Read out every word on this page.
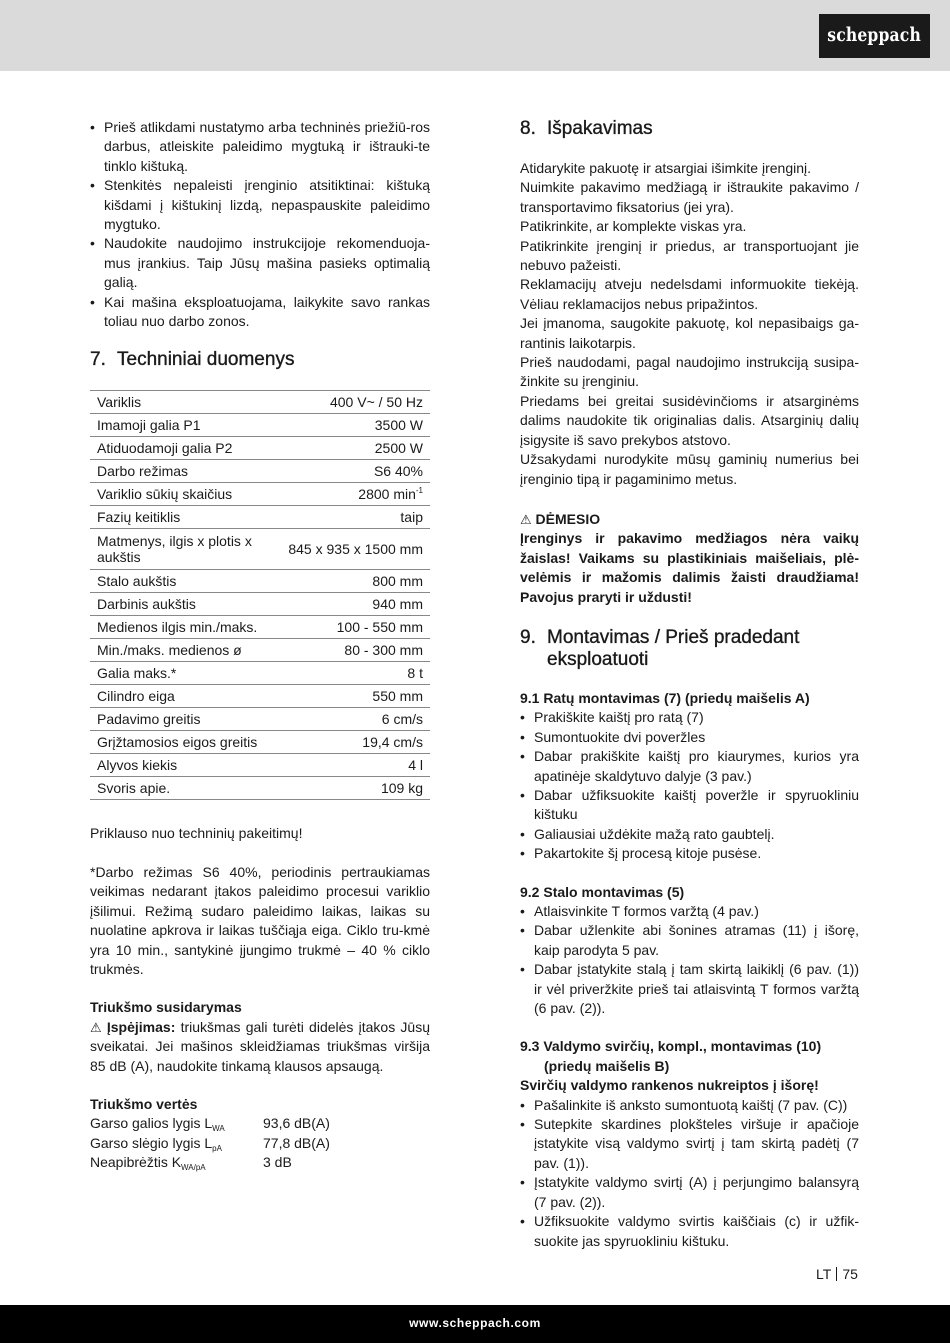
scheppach
• Prieš atlikdami nustatymo arba techninės priežiū-ros darbus, atleiskite paleidimo mygtuką ir ištrauki-te tinklo kištuką.
• Stenkitės nepaleisti įrenginio atsitiktinai: kištuką kišdami į kištukinį lizdą, nepaspauskite paleidimo mygtuko.
• Naudokite naudojimo instrukcijoje rekomenduoja-mus įrankius. Taip Jūsų mašina pasieks optimalią galią.
• Kai mašina eksploatuojama, laikykite savo rankas toliau nuo darbo zonos.
7. Techniniai duomenys
Variklis	400 V~ / 50 Hz
Imamoji galia P1	3500 W
Atiduodamoji galia P2	2500 W
Darbo režimas	S6 40%
Variklio sūkių skaičius	2800 $\min^{-1}$
Fazių keitiklis	taip
Matmenys, ilgis x plotis x aukštis	845 x 935 x 1500 mm
Stalo aukštis	800 mm
Darbinis aukštis	940 mm
Medienos ilgis min./maks.	100 - 550 mm
Min./maks. medienos ø	80 - 300 mm
Galia maks.*	8 t
Cilindro eiga	550 mm
Padavimo greitis	6 cm/s
Grįžtamosios eigos greitis	19,4 cm/s
Alyvos kiekis	4 l
Svoris apie.	109 kg

Priklauso nuo techninių pakeitimų!

*Darbo režimas S6 40%, periodinis pertraukiamas veikimas nedarant įtakos paleidimo procesui variklio įšilimui. Režimą sudaro paleidimo laikas, laikas su nuolatine apkrova ir laikas tuščiąja eiga. Ciklo tru-kmė yra 10 min., santykinė įjungimo trukmė – 40 % ciklo trukmės.

Triukšmo susidarymas

⚠ Įspėjimas: triukšmas gali turėti didelės įtakos Jūsų sveikatai. Jei mašinos skleidžiamas triukšmas viršija 85 dB (A), naudokite tinkamą klausos apsaugą.

Triukšmo vertės

Garso galios lygis $L_{WA}$	93,6 dB(A)
Garso slėgio lygis $L_{pA}$	77,8 dB(A)
Neapibrėžtis $K_{WA/pA}$	3 dB
8. Išpakavimas

Atidarykite pakuotę ir atsargiai išimkite įrenginį.

Nuimkite pakavimo medžiagą ir ištraukite pakavimo / transportavimo fiksatorius (jei yra).

Patikrinkite, ar komplekte viskas yra.

Patikrinkite įrenginį ir priedus, ar transportuojant jie nebuvo pažeisti.

Reklamacijų atveju nedelsdami informuokite tiekėją. Vėliau reklamacijos nebus pripažintos.

Jei įmanoma, saugokite pakuotę, kol nepasibaigs ga-rantinis laikotarpis.

Prieš naudodami, pagal naudojimo instrukciją susipa-žinkite su įrenginiu.

Priedams bei greitai susidėvinčioms ir atsarginėms dalims naudokite tik originalias dalis. Atsarginių dalių įsigysite iš savo prekybos atstovo.

Užsakydami nurodykite mūsų gaminių numerius bei įrenginio tipą ir pagaminimo metus.

⚠ DĖMESIO

Įrenginys ir pakavimo medžiagos nėra vaikų žaislas! Vaikams su plastikiniais maišeliais, plė-velėmis ir mažomis dalimis žaisti draudžiama! Pavojus praryti ir uždusti!

9. Montavimas / Prieš pradedant
eksploatuoti

9.1 Ratų montavimas (7) (priedų maišelis A)

• Prakiškite kaištį pro ratą (7)
• Sumontuokite dvi poveržles
• Dabar prakiškite kaištį pro kiaurymes, kurios yra apatinėje skaldytuvo dalyje (3 pav.)
• Dabar užfiksuokite kaištį poveržle ir spyruokliniu kištuku
• Galiausiai uždėkite mažą rato gaubtelį.
• Pakartokite šį procesą kitoje pusėse.

9.2 Stalo montavimas (5)

• Atlaisvinkite T formos varžtą (4 pav.)
• Dabar užlenkite abi šonines atramas (11) į išorę, kaip parodyta 5 pav.
• Dabar įstatykite stalą į tam skirtą laikiklį (6 pav. (1)) ir vėl priveržkite prieš tai atlaisvintą T formos varžtą (6 pav. (2)).

9.3 Valdymo svirčių, kompl., montavimas (10)
(priedų maišelis B)

Svirčių valdymo rankenos nukreiptos į išorę!

• Pašalinkite iš anksto sumontuotą kaištį (7 pav. (C))
• Sutepkite skardines plokšteles viršuje ir apačioje įstatykite visą valdymo svirtį į tam skirtą padėtį (7 pav. (1)).
• Įstatykite valdymo svirtį (A) į perjungimo balansyrą (7 pav. (2)).
• Užfiksuokite valdymo svirtis kaiščiais (c) ir užfik-suokite jas spyruokliniu kištuku.
LT 75
www.scheppach.com
